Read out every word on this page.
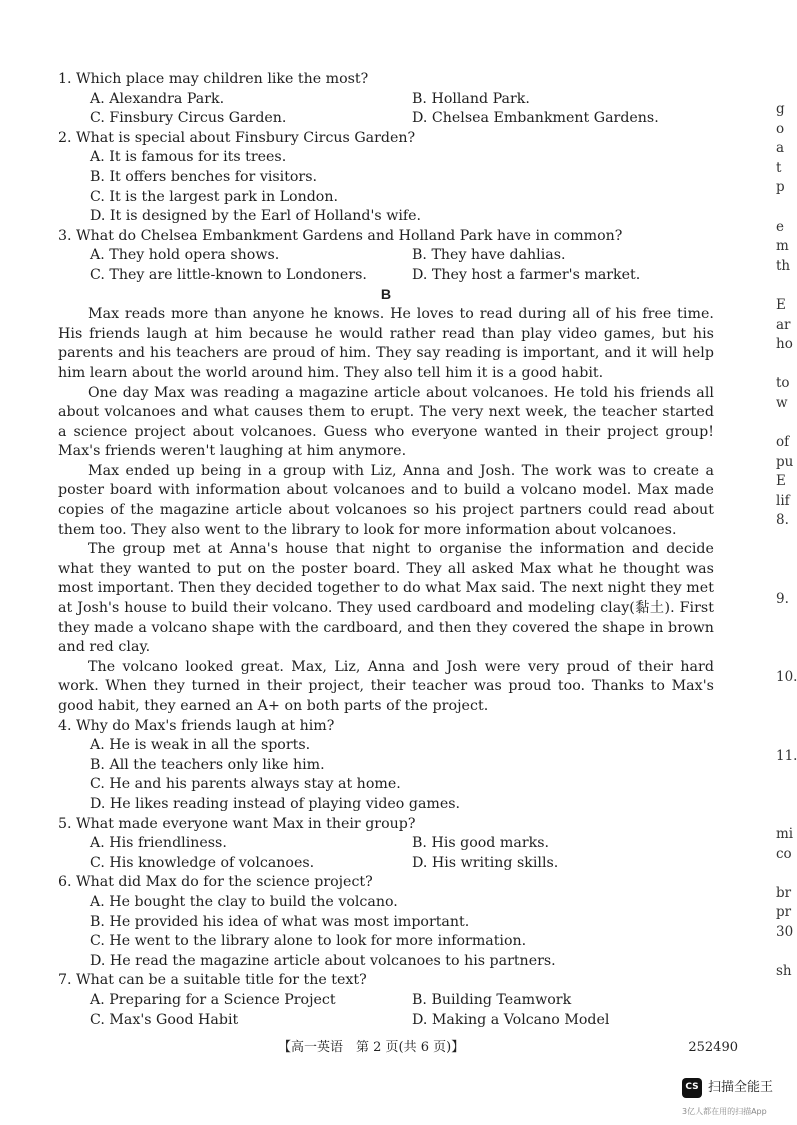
1. Which place may children like the most?

A. Alexandra Park.	B. Holland Park.
C. Finsbury Circus Garden.	D. Chelsea Embankment Gardens.

2. What is special about Finsbury Circus Garden?

A. It is famous for its trees.
B. It offers benches for visitors.
C. It is the largest park in London.
D. It is designed by the Earl of Holland's wife.

3. What do Chelsea Embankment Gardens and Holland Park have in common?

A. They hold opera shows.	B. They have dahlias.
C. They are little-known to Londoners.	D. They host a farmer's market.

B

Max reads more than anyone he knows. He loves to read during all of his free time. His friends laugh at him because he would rather read than play video games, but his parents and his teachers are proud of him. They say reading is important, and it will help him learn about the world around him. They also tell him it is a good habit.

One day Max was reading a magazine article about volcanoes. He told his friends all about volcanoes and what causes them to erupt. The very next week, the teacher started a science project about volcanoes. Guess who everyone wanted in their project group! Max's friends weren't laughing at him anymore.

Max ended up being in a group with Liz, Anna and Josh. The work was to create a poster board with information about volcanoes and to build a volcano model. Max made copies of the magazine article about volcanoes so his project partners could read about them too. They also went to the library to look for more information about volcanoes.

The group met at Anna's house that night to organise the information and decide what they wanted to put on the poster board. They all asked Max what he thought was most important. Then they decided together to do what Max said. The next night they met at Josh's house to build their volcano. They used cardboard and modeling clay(黏土). First they made a volcano shape with the cardboard, and then they covered the shape in brown and red clay.

The volcano looked great. Max, Liz, Anna and Josh were very proud of their hard work. When they turned in their project, their teacher was proud too. Thanks to Max's good habit, they earned an A+ on both parts of the project.

4. Why do Max's friends laugh at him?

A. He is weak in all the sports.
B. All the teachers only like him.
C. He and his parents always stay at home.
D. He likes reading instead of playing video games.

5. What made everyone want Max in their group?

A. His friendliness.	B. His good marks.
C. His knowledge of volcanoes.	D. His writing skills.

6. What did Max do for the science project?

A. He bought the clay to build the volcano.
B. He provided his idea of what was most important.
C. He went to the library alone to look for more information.
D. He read the magazine article about volcanoes to his partners.

7. What can be a suitable title for the text?

A. Preparing for a Science Project	B. Building Teamwork
C. Max's Good Habit	D. Making a Volcano Model
g
o
a
t
p
e
m
th
E
ar
ho
to
w
of
pu
E
lif
8.
9.
10.
11.
mi
co
br
pr
30
sh
【高一英语　第 2 页(共 6 页)】	252490
CS 扫描全能王
3亿人都在用的扫描App
